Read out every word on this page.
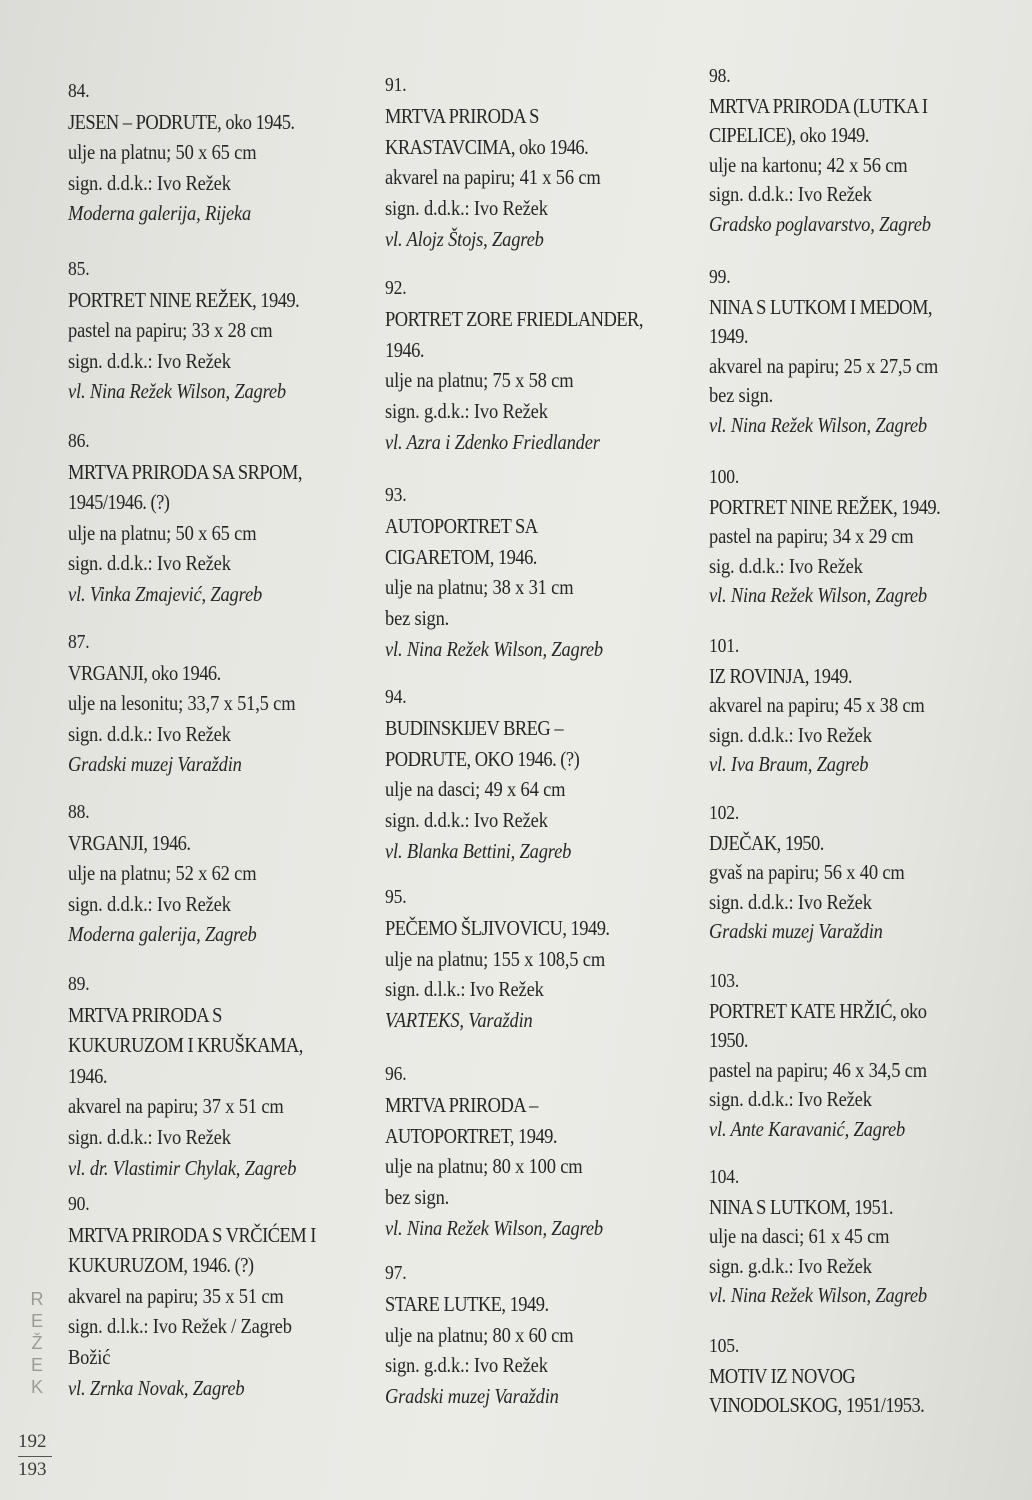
84.
JESEN – PODRUTE, oko 1945.
ulje na platnu; 50 x 65 cm
sign. d.d.k.: Ivo Režek
Moderna galerija, Rijeka
85.
PORTRET NINE REŽEK, 1949.
pastel na papiru; 33 x 28 cm
sign. d.d.k.: Ivo Režek
vl. Nina Režek Wilson, Zagreb
86.
MRTVA PRIRODA SA SRPOM,
1945/1946. (?)
ulje na platnu; 50 x 65 cm
sign. d.d.k.: Ivo Režek
vl. Vinka Zmajević, Zagreb
87.
VRGANJI, oko 1946.
ulje na lesonitu; 33,7 x 51,5 cm
sign. d.d.k.: Ivo Režek
Gradski muzej Varaždin
88.
VRGANJI, 1946.
ulje na platnu; 52 x 62 cm
sign. d.d.k.: Ivo Režek
Moderna galerija, Zagreb
89.
MRTVA PRIRODA S
KUKURUZOM I KRUŠKAMA,
1946.
akvarel na papiru; 37 x 51 cm
sign. d.d.k.: Ivo Režek
vl. dr. Vlastimir Chylak, Zagreb
90.
MRTVA PRIRODA S VRČIĆEM I
KUKURUZOM, 1946. (?)
akvarel na papiru; 35 x 51 cm
sign. d.l.k.: Ivo Režek / Zagreb
Božić
vl. Zrnka Novak, Zagreb
91.
MRTVA PRIRODA S
KRASTAVCIMA, oko 1946.
akvarel na papiru; 41 x 56 cm
sign. d.d.k.: Ivo Režek
vl. Alojz Štojs, Zagreb
92.
PORTRET ZORE FRIEDLANDER,
1946.
ulje na platnu; 75 x 58 cm
sign. g.d.k.: Ivo Režek
vl. Azra i Zdenko Friedlander
93.
AUTOPORTRET SA
CIGARETOM, 1946.
ulje na platnu; 38 x 31 cm
bez sign.
vl. Nina Režek Wilson, Zagreb
94.
BUDINSKIJEV BREG –
PODRUTE, OKO 1946. (?)
ulje na dasci; 49 x 64 cm
sign. d.d.k.: Ivo Režek
vl. Blanka Bettini, Zagreb
95.
PEČEMO ŠLJIVOVICU, 1949.
ulje na platnu; 155 x 108,5 cm
sign. d.l.k.: Ivo Režek
VARTEKS, Varaždin
96.
MRTVA PRIRODA –
AUTOPORTRET, 1949.
ulje na platnu; 80 x 100 cm
bez sign.
vl. Nina Režek Wilson, Zagreb
97.
STARE LUTKE, 1949.
ulje na platnu; 80 x 60 cm
sign. g.d.k.: Ivo Režek
Gradski muzej Varaždin
98.
MRTVA PRIRODA (LUTKA I
CIPELICE), oko 1949.
ulje na kartonu; 42 x 56 cm
sign. d.d.k.: Ivo Režek
Gradsko poglavarstvo, Zagreb
99.
NINA S LUTKOM I MEDOM,
1949.
akvarel na papiru; 25 x 27,5 cm
bez sign.
vl. Nina Režek Wilson, Zagreb
100.
PORTRET NINE REŽEK, 1949.
pastel na papiru; 34 x 29 cm
sig. d.d.k.: Ivo Režek
vl. Nina Režek Wilson, Zagreb
101.
IZ ROVINJA, 1949.
akvarel na papiru; 45 x 38 cm
sign. d.d.k.: Ivo Režek
vl. Iva Braum, Zagreb
102.
DJEČAK, 1950.
gvaš na papiru; 56 x 40 cm
sign. d.d.k.: Ivo Režek
Gradski muzej Varaždin
103.
PORTRET KATE HRŽIĆ, oko
1950.
pastel na papiru; 46 x 34,5 cm
sign. d.d.k.: Ivo Režek
vl. Ante Karavanić, Zagreb
104.
NINA S LUTKOM, 1951.
ulje na dasci; 61 x 45 cm
sign. g.d.k.: Ivo Režek
vl. Nina Režek Wilson, Zagreb
105.
MOTIV IZ NOVOG
VINODOLSKOG, 1951/1953.
R
E
Ž
E
K
192
193
